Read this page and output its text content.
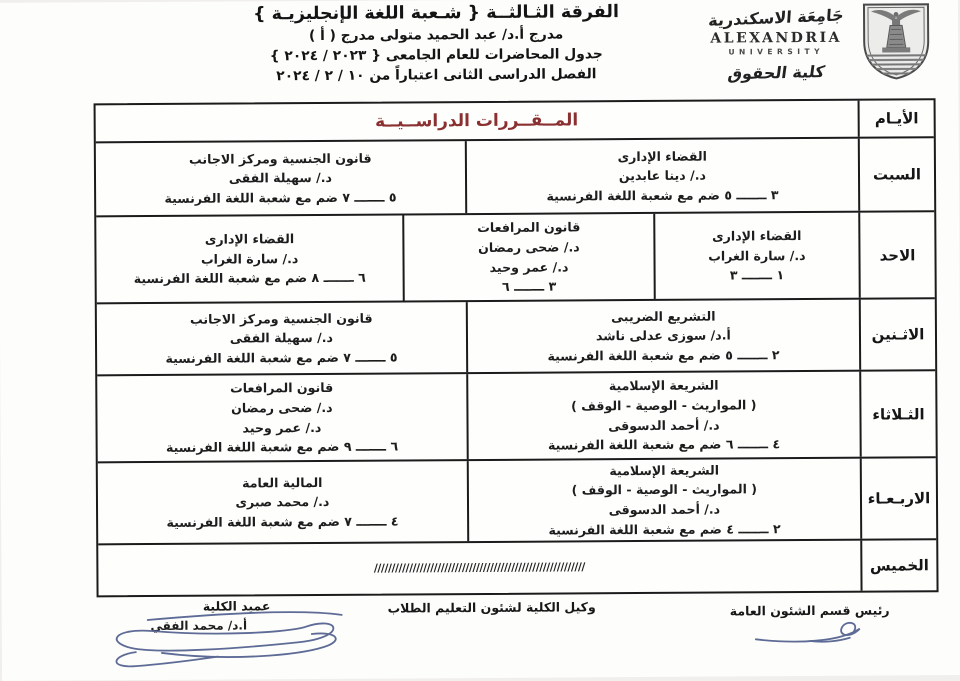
الفرقة الثـالثــة { شـعبة اللغة الإنجليزيـة }
مدرج أ.د/ عبد الحميد متولى مدرج ( أ )
جدول المحاضرات للعام الجامعى { ٢٠٢٣ / ٢٠٢٤ }
الفصل الدراسى الثانى اعتباراً من ١٠ / ٢ / ٢٠٢٤
جَامِعَة الاسكندرية
ALEXANDRIA
UNIVERSITY
كلية الحقوق
الأيـام
المــقــررات الدراســيــة
السبت
القضاء الإدارى
د./ دينا عابدين
٣ ـــــــ ٥ ضم مع شعبة اللغة الفرنسية
قانون الجنسية ومركز الاجانب
د./ سهيلة الفقى
٥ ـــــــ ٧ ضم مع شعبة اللغة الفرنسية
الاحد
القضاء الإدارى
د./ سارة الغراب
١ ـــــــ ٣
قانون المرافعات
د./ ضحى رمضان
د./ عمر وحيد
٣ ـــــــ ٦
القضاء الإدارى
د./ سارة الغراب
٦ ـــــــ ٨ ضم مع شعبة اللغة الفرنسية
الاثـنين
التشريع الضريبى
أ.د/ سوزى عدلى ناشد
٢ ـــــــ ٥ ضم مع شعبة اللغة الفرنسية
قانون الجنسية ومركز الاجانب
د./ سهيلة الفقى
٥ ـــــــ ٧ ضم مع شعبة اللغة الفرنسية
الثـلاثاء
الشريعة الإسلامية
( المواريث - الوصية - الوقف )
د./ أحمد الدسوقى
٤ ـــــــ ٦ ضم مع شعبة اللغة الفرنسية
قانون المرافعات
د./ ضحى رمضان
د./ عمر وحيد
٦ ـــــــ ٩ ضم مع شعبة اللغة الفرنسية
الاربـعـاء
الشريعة الإسلامية
( المواريث - الوصية - الوقف )
د./ أحمد الدسوقى
٢ ـــــــ ٤ ضم مع شعبة اللغة الفرنسية
المالية العامة
د./ محمد صبرى
٤ ـــــــ ٧ ضم مع شعبة اللغة الفرنسية
الخميس
////////////////////////////////////////////////////////////
رئيس قسم الشئون العامة
وكيل الكلية لشئون التعليم الطلاب
عميد الكلية
أ.د/ محمد الفقي
